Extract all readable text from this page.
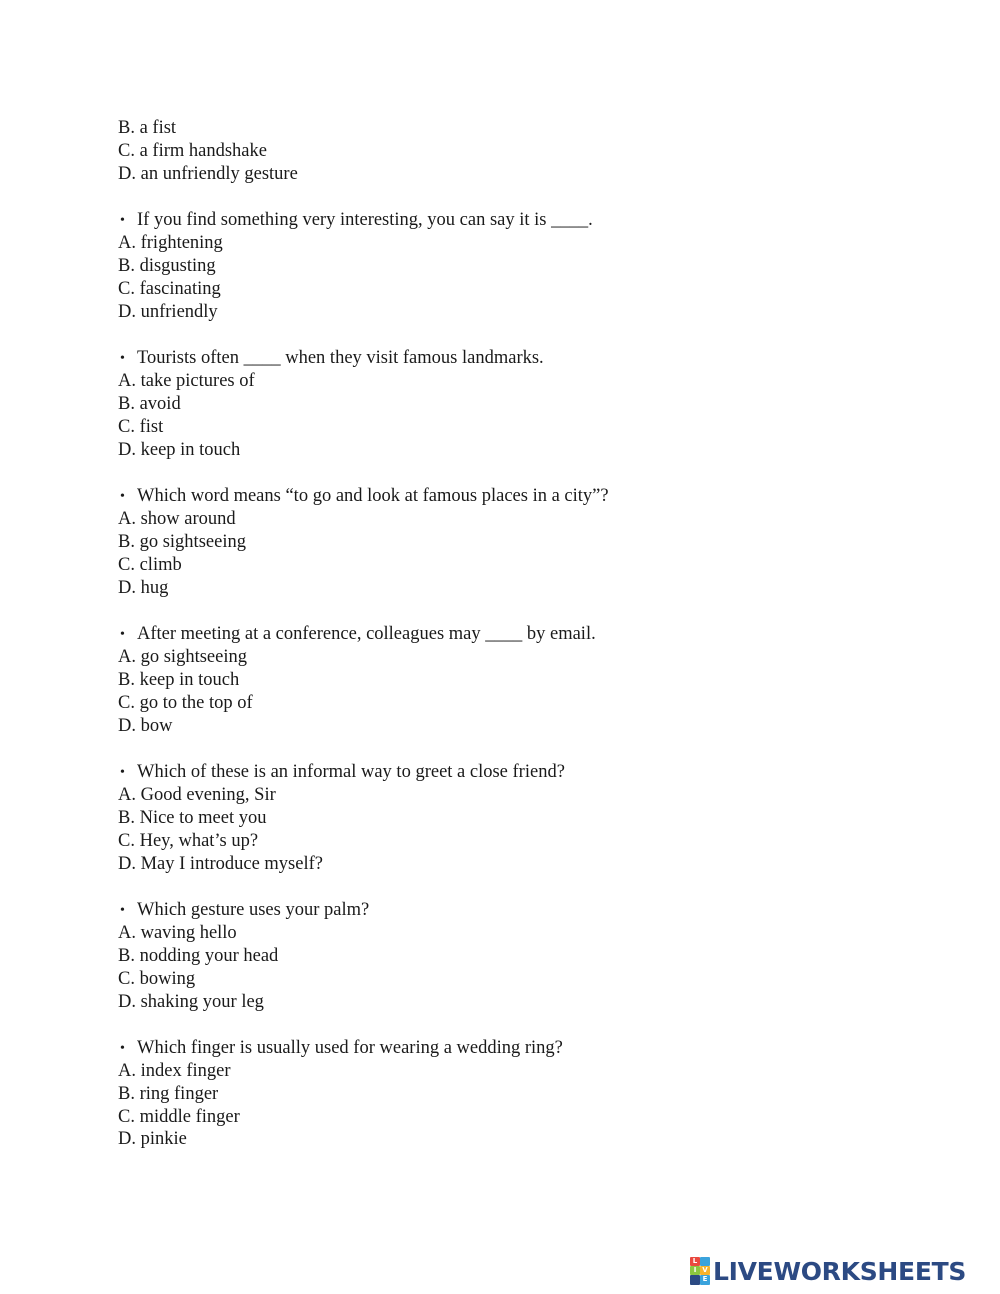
B. a fist
C. a firm handshake
D. an unfriendly gesture
• If you find something very interesting, you can say it is ____.
A. frightening
B. disgusting
C. fascinating
D. unfriendly
• Tourists often ____ when they visit famous landmarks.
A. take pictures of
B. avoid
C. fist
D. keep in touch
• Which word means “to go and look at famous places in a city”?
A. show around
B. go sightseeing
C. climb
D. hug
• After meeting at a conference, colleagues may ____ by email.
A. go sightseeing
B. keep in touch
C. go to the top of
D. bow
• Which of these is an informal way to greet a close friend?
A. Good evening, Sir
B. Nice to meet you
C. Hey, what’s up?
D. May I introduce myself?
• Which gesture uses your palm?
A. waving hello
B. nodding your head
C. bowing
D. shaking your leg
• Which finger is usually used for wearing a wedding ring?
A. index finger
B. ring finger
C. middle finger
D. pinkie
L
I V
E LIVEWORKSHEETS
